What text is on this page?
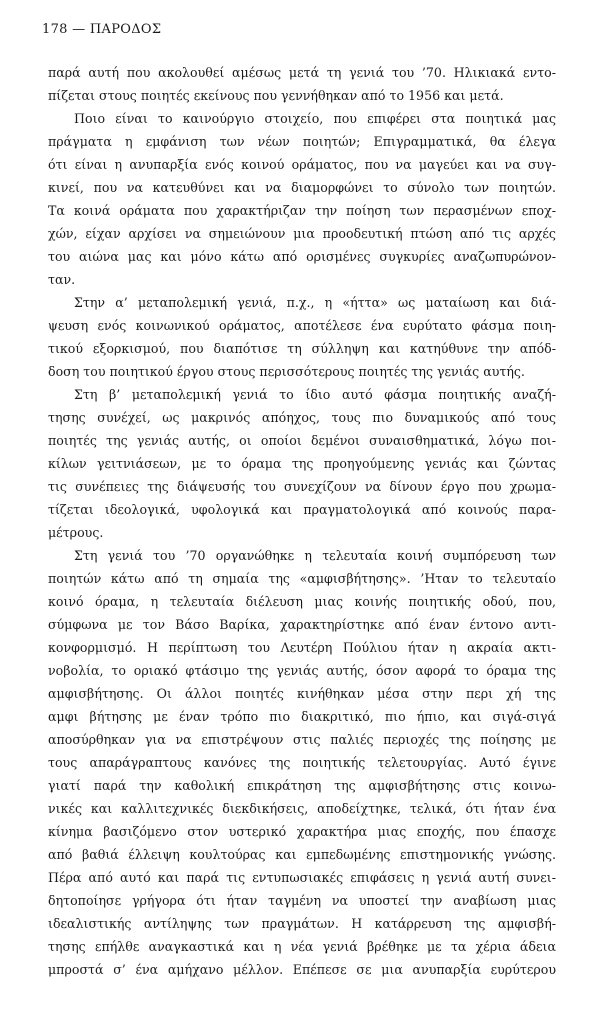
178 — ΠΑΡΟΔΟΣ
παρά αυτή που ακολουθεί αμέσως μετά τη γενιά του ’70. Ηλικιακά εντο-
πίζεται στους ποιητές εκείνους που γεννήθηκαν από το 1956 και μετά.
Ποιο είναι το καινούργιο στοιχείο, που επιφέρει στα ποιητικά μας
πράγματα η εμφάνιση των νέων ποιητών; Επιγραμματικά, θα έλεγα
ότι είναι η ανυπαρξία ενός κοινού οράματος, που να μαγεύει και να συγ-
κινεί, που να κατευθύνει και να διαμορφώνει το σύνολο των ποιητών.
Τα κοινά οράματα που χαρακτήριζαν την ποίηση των περασμένων εποχ-
χών, είχαν αρχίσει να σημειώνουν μια προοδευτική πτώση από τις αρχές
του αιώνα μας και μόνο κάτω από ορισμένες συγκυρίες αναζωπυρώνον-
ταν.
Στην α’ μεταπολεμική γενιά, π.χ., η «ήττα» ως ματαίωση και διά-
ψευση ενός κοινωνικού οράματος, αποτέλεσε ένα ευρύτατο φάσμα ποιη-
τικού εξορκισμού, που διαπότισε τη σύλληψη και κατηύθυνε την απόδ-
δοση του ποιητικού έργου στους περισσότερους ποιητές της γενιάς αυτής.
Στη β’ μεταπολεμική γενιά το ίδιο αυτό φάσμα ποιητικής αναζή-
τησης συνέχεί, ως μακρινός απόηχος, τους πιο δυναμικούς από τους
ποιητές της γενιάς αυτής, οι οποίοι δεμένοι συναισθηματικά, λόγω ποι-
κίλων γειτνιάσεων, με το όραμα της προηγούμενης γενιάς και ζώντας
τις συνέπειες της διάψευσής του συνεχίζουν να δίνουν έργο που χρωμα-
τίζεται ιδεολογικά, υφολογικά και πραγματολογικά από κοινούς παρα-
μέτρους.
Στη γενιά του ’70 οργανώθηκε η τελευταία κοινή συμπόρευση των
ποιητών κάτω από τη σημαία της «αμφισβήτησης». ’Ηταν το τελευταίο
κοινό όραμα, η τελευταία διέλευση μιας κοινής ποιητικής οδού, που,
σύμφωνα με τον Βάσο Βαρίκα, χαρακτηρίστηκε από έναν έντονο αντι-
κονφορμισμό. Η περίπτωση του Λευτέρη Πούλιου ήταν η ακραία ακτι-
νοβολία, το οριακό φτάσιμο της γενιάς αυτής, όσον αφορά το όραμα της
αμφισβήτησης. Οι άλλοι ποιητές κινήθηκαν μέσα στην περι χή της
αμφι βήτησης με έναν τρόπο πιο διακριτικό, πιο ήπιο, και σιγά-σιγά
αποσύρθηκαν για να επιστρέψουν στις παλιές περιοχές της ποίησης με
τους απαράγραπτους κανόνες της ποιητικής τελετουργίας. Αυτό έγινε
γιατί παρά την καθολική επικράτηση της αμφισβήτησης στις κοινω-
νικές και καλλιτεχνικές διεκδικήσεις, αποδείχτηκε, τελικά, ότι ήταν ένα
κίνημα βασιζόμενο στον υστερικό χαρακτήρα μιας εποχής, που έπασχε
από βαθιά έλλειψη κουλτούρας και εμπεδωμένης επιστημονικής γνώσης.
Πέρα από αυτό και παρά τις εντυπωσιακές επιφάσεις η γενιά αυτή συνει-
δητοποίησε γρήγορα ότι ήταν ταγμένη να υποστεί την αναβίωση μιας
ιδεαλιστικής αντίληψης των πραγμάτων. Η κατάρρευση της αμφισβή-
τησης επήλθε αναγκαστικά και η νέα γενιά βρέθηκε με τα χέρια άδεια
μπροστά σ’ ένα αμήχανο μέλλον. Επέπεσε σε μια ανυπαρξία ευρύτερου
